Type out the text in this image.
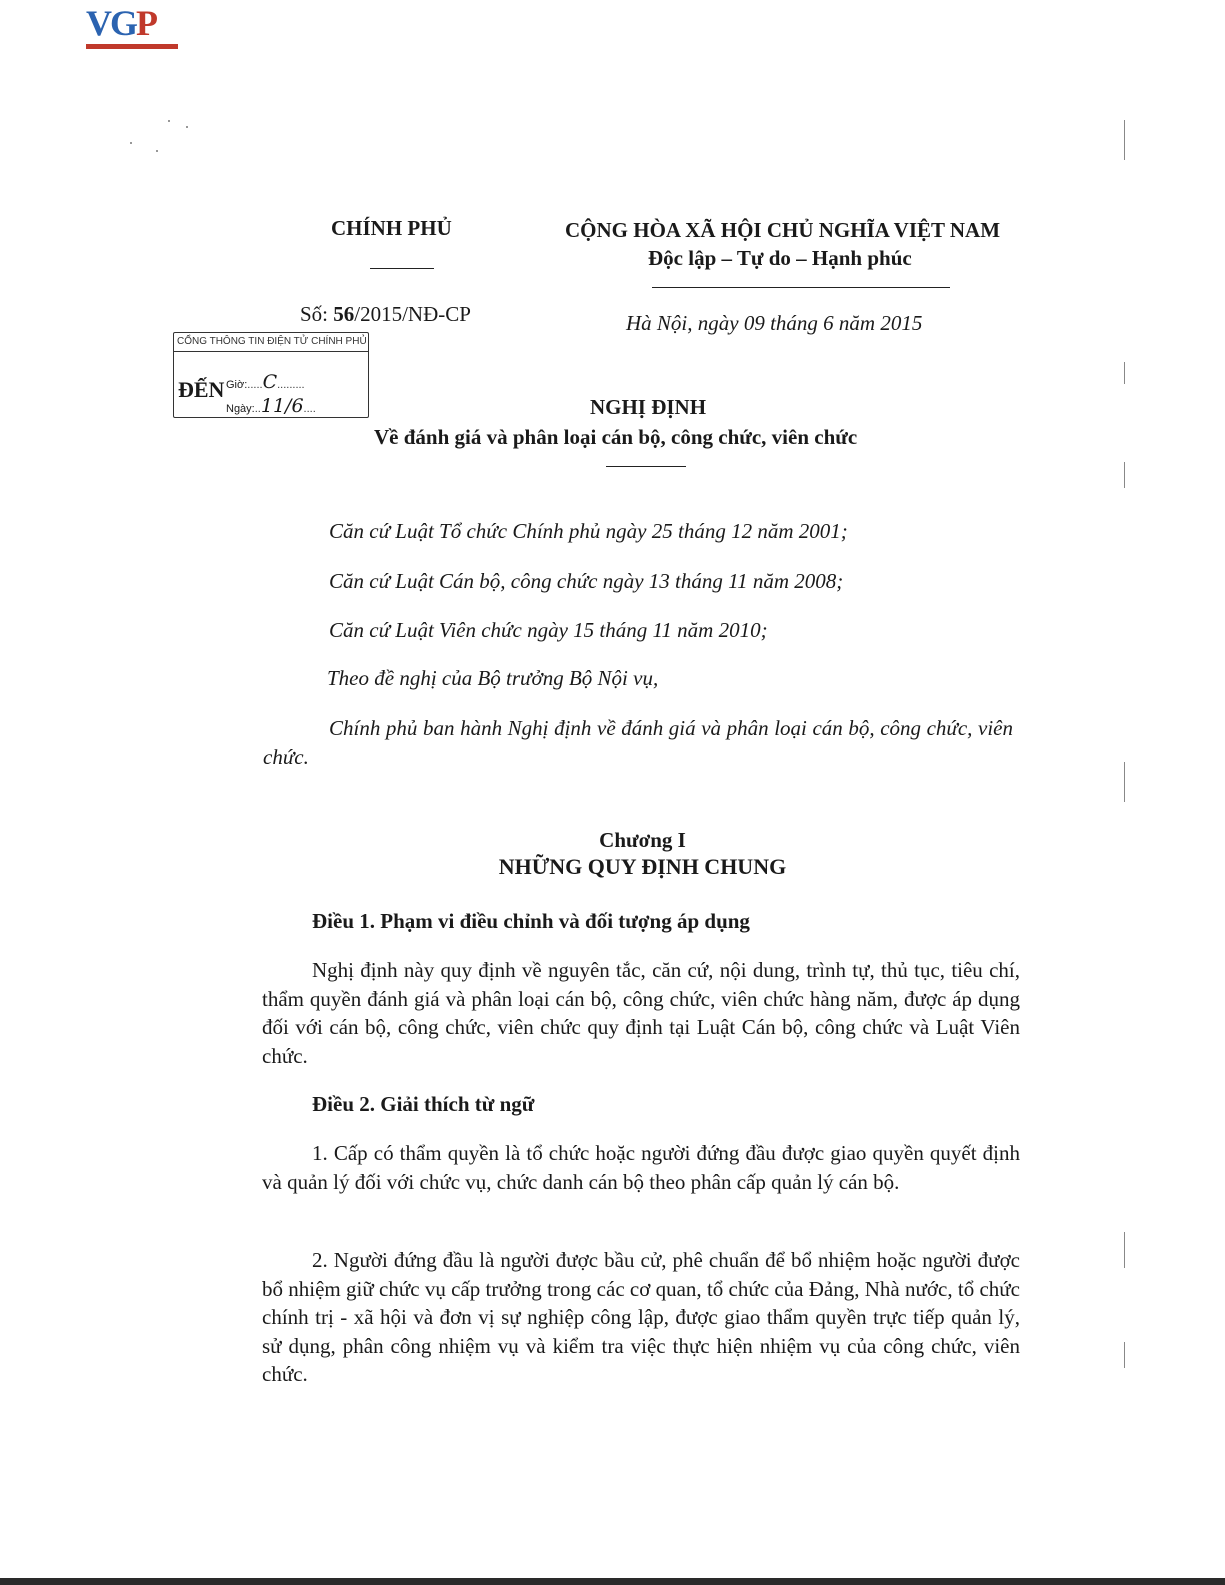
VGP
CHÍNH PHỦ	CỘNG HÒA XÃ HỘI CHỦ NGHĨA VIỆT NAM
Độc lập – Tự do – Hạnh phúc
Số: 56/2015/NĐ-CP	Hà Nội, ngày 09 tháng 6 năm 2015
CỔNG THÔNG TIN ĐIỆN TỬ CHÍNH PHỦ
ĐẾN Giờ:.....C.........
Ngày:..11/6....	NGHỊ ĐỊNH
Về đánh giá và phân loại cán bộ, công chức, viên chức
Căn cứ Luật Tổ chức Chính phủ ngày 25 tháng 12 năm 2001;
Căn cứ Luật Cán bộ, công chức ngày 13 tháng 11 năm 2008;
Căn cứ Luật Viên chức ngày 15 tháng 11 năm 2010;
Theo đề nghị của Bộ trưởng Bộ Nội vụ,
Chính phủ ban hành Nghị định về đánh giá và phân loại cán bộ, công chức, viên chức.
Chương I
NHỮNG QUY ĐỊNH CHUNG
Điều 1. Phạm vi điều chỉnh và đối tượng áp dụng
Nghị định này quy định về nguyên tắc, căn cứ, nội dung, trình tự, thủ tục, tiêu chí, thẩm quyền đánh giá và phân loại cán bộ, công chức, viên chức hàng năm, được áp dụng đối với cán bộ, công chức, viên chức quy định tại Luật Cán bộ, công chức và Luật Viên chức.
Điều 2. Giải thích từ ngữ
1. Cấp có thẩm quyền là tổ chức hoặc người đứng đầu được giao quyền quyết định và quản lý đối với chức vụ, chức danh cán bộ theo phân cấp quản lý cán bộ.
2. Người đứng đầu là người được bầu cử, phê chuẩn để bổ nhiệm hoặc người được bổ nhiệm giữ chức vụ cấp trưởng trong các cơ quan, tổ chức của Đảng, Nhà nước, tổ chức chính trị - xã hội và đơn vị sự nghiệp công lập, được giao thẩm quyền trực tiếp quản lý, sử dụng, phân công nhiệm vụ và kiểm tra việc thực hiện nhiệm vụ của công chức, viên chức.
